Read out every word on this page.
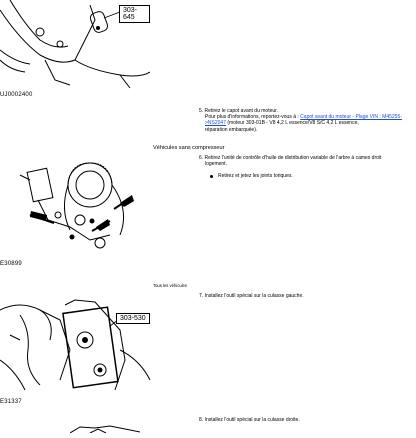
303-645
UJ0002400
5. Retirez le capot avant du moteur.
Pour plus d'informations, reportez-vous à : Capot avant du moteur - Plage VIN : M45255->NS2047 (moteur 303-01B - V8 4,2 L essence/V8 S/C 4,2 L essence,
réparation embarquée).
Véhicules sans compresseur
E30899
6. Retirez l'unité de contrôle d'huile de distribution variable de l'arbre à cames droit
logement.
Retirez et jetez les joints toriques.
Tous les véhicules
303-530
E31337
7. Installez l'outil spécial sur la culasse gauche.
8. Installez l'outil spécial sur la culasse droite.
